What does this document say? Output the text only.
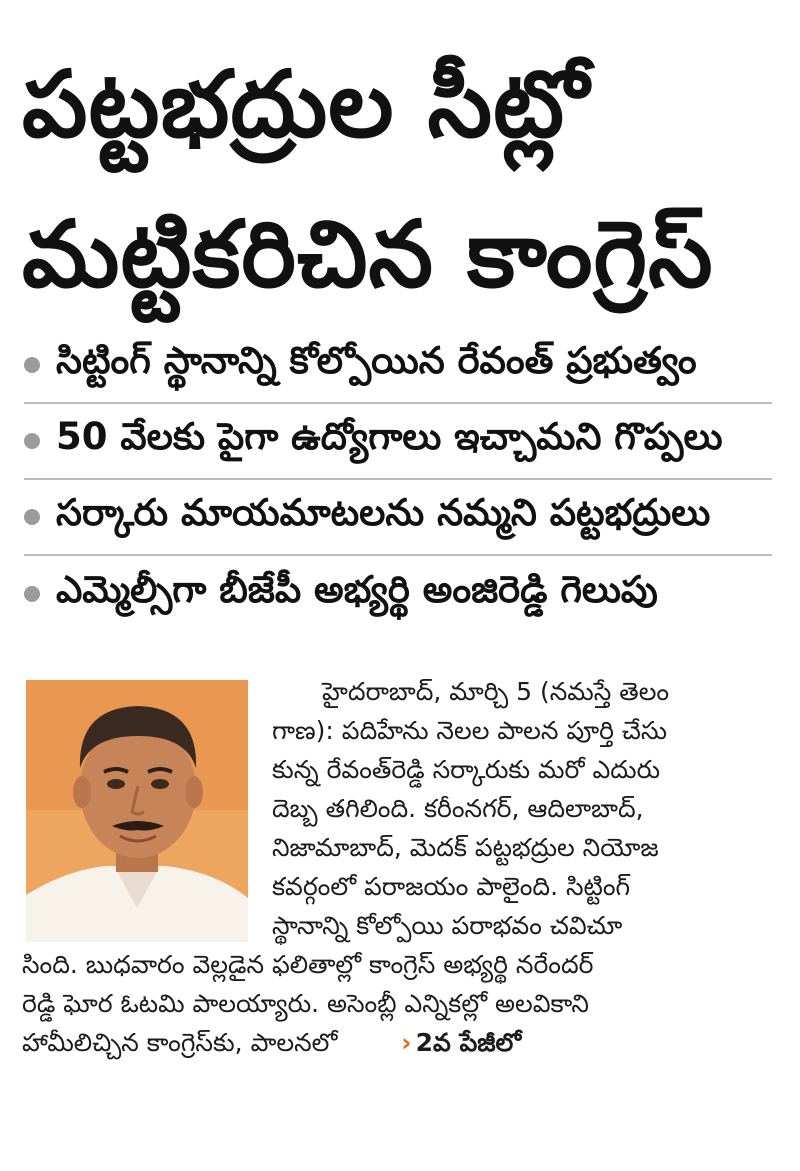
పట్టభద్రుల సీట్లో
మట్టికరిచిన కాంగ్రెస్
సిట్టింగ్ స్థానాన్ని కోల్పోయిన రేవంత్ ప్రభుత్వం
50 వేలకు పైగా ఉద్యోగాలు ఇచ్చామని గొప్పలు
సర్కారు మాయమాటలను నమ్మని పట్టభద్రులు
ఎమ్మెల్సీగా బీజేపీ అభ్యర్థి అంజిరెడ్డి గెలుపు
హైదరాబాద్, మార్చి 5 (నమస్తే తెలం
గాణ): పదిహేను నెలల పాలన పూర్తి చేసు
కున్న రేవంత్‌రెడ్డి సర్కారుకు మరో ఎదురు
దెబ్బ తగిలింది. కరీంనగర్, ఆదిలాబాద్,
నిజామాబాద్, మెదక్ పట్టభద్రుల నియోజ
కవర్గంలో పరాజయం పాలైంది. సిట్టింగ్
స్థానాన్ని కోల్పోయి పరాభవం చవిచూ
సింది. బుధవారం వెల్లడైన ఫలితాల్లో కాంగ్రెస్ అభ్యర్థి నరేందర్
రెడ్డి ఘోర ఓటమి పాలయ్యారు. అసెంబ్లీ ఎన్నికల్లో అలవికాని
హామీలిచ్చిన కాంగ్రెస్‌కు, పాలనలో	› 2వ పేజీలో
